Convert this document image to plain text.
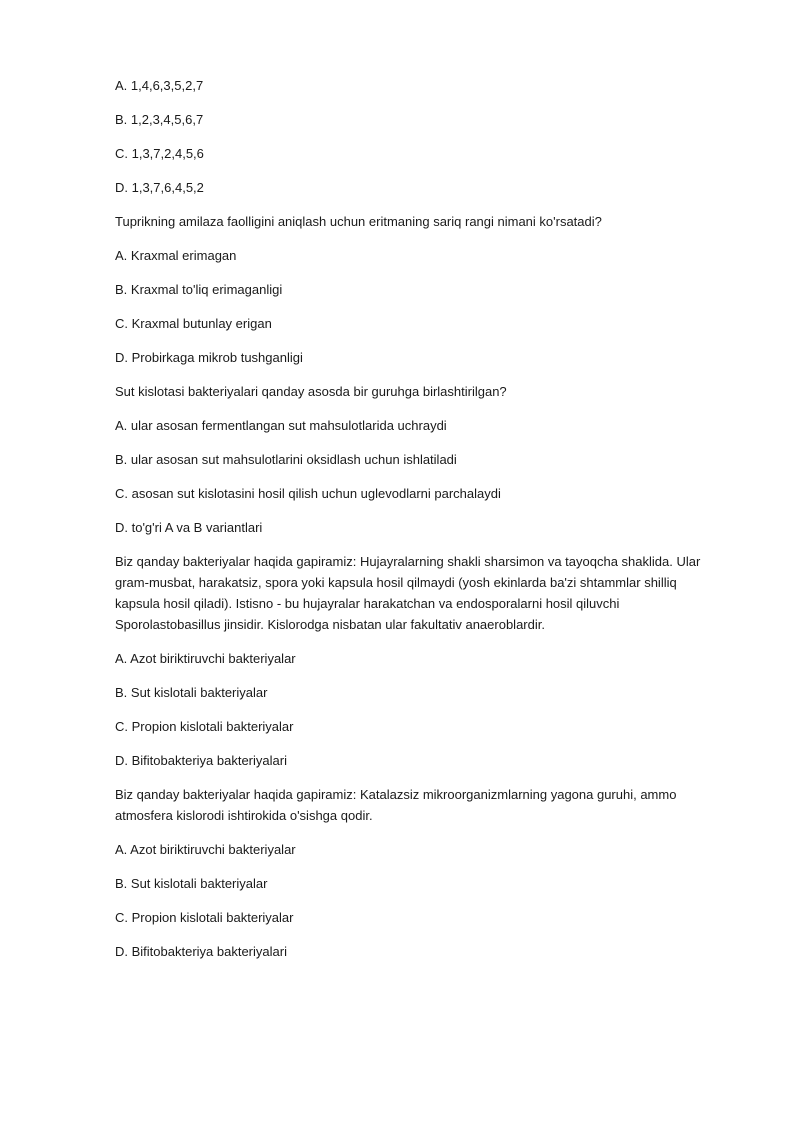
A. 1,4,6,3,5,2,7

B. 1,2,3,4,5,6,7

C. 1,3,7,2,4,5,6

D. 1,3,7,6,4,5,2

Tuprikning amilaza faolligini aniqlash uchun eritmaning sariq rangi nimani ko'rsatadi?

A. Kraxmal erimagan

B. Kraxmal to'liq erimaganligi

C. Kraxmal butunlay erigan

D. Probirkaga mikrob tushganligi

Sut kislotasi bakteriyalari qanday asosda bir guruhga birlashtirilgan?

A. ular asosan fermentlangan sut mahsulotlarida uchraydi

B. ular asosan sut mahsulotlarini oksidlash uchun ishlatiladi

C. asosan sut kislotasini hosil qilish uchun uglevodlarni parchalaydi

D. to'g'ri A va B variantlari

Biz qanday bakteriyalar haqida gapiramiz: Hujayralarning shakli sharsimon va tayoqcha shaklida. Ular gram-musbat, harakatsiz, spora yoki kapsula hosil qilmaydi (yosh ekinlarda ba'zi shtammlar shilliq kapsula hosil qiladi). Istisno - bu hujayralar harakatchan va endosporalarni hosil qiluvchi Sporolastobasillus jinsidir. Kislorodga nisbatan ular fakultativ anaeroblardir.

A. Azot biriktiruvchi bakteriyalar

B. Sut kislotali bakteriyalar

C. Propion kislotali bakteriyalar

D. Bifitobakteriya bakteriyalari

Biz qanday bakteriyalar haqida gapiramiz: Katalazsiz mikroorganizmlarning yagona guruhi, ammo atmosfera kislorodi ishtirokida o'sishga qodir.

A. Azot biriktiruvchi bakteriyalar

B. Sut kislotali bakteriyalar

C. Propion kislotali bakteriyalar

D. Bifitobakteriya bakteriyalari
